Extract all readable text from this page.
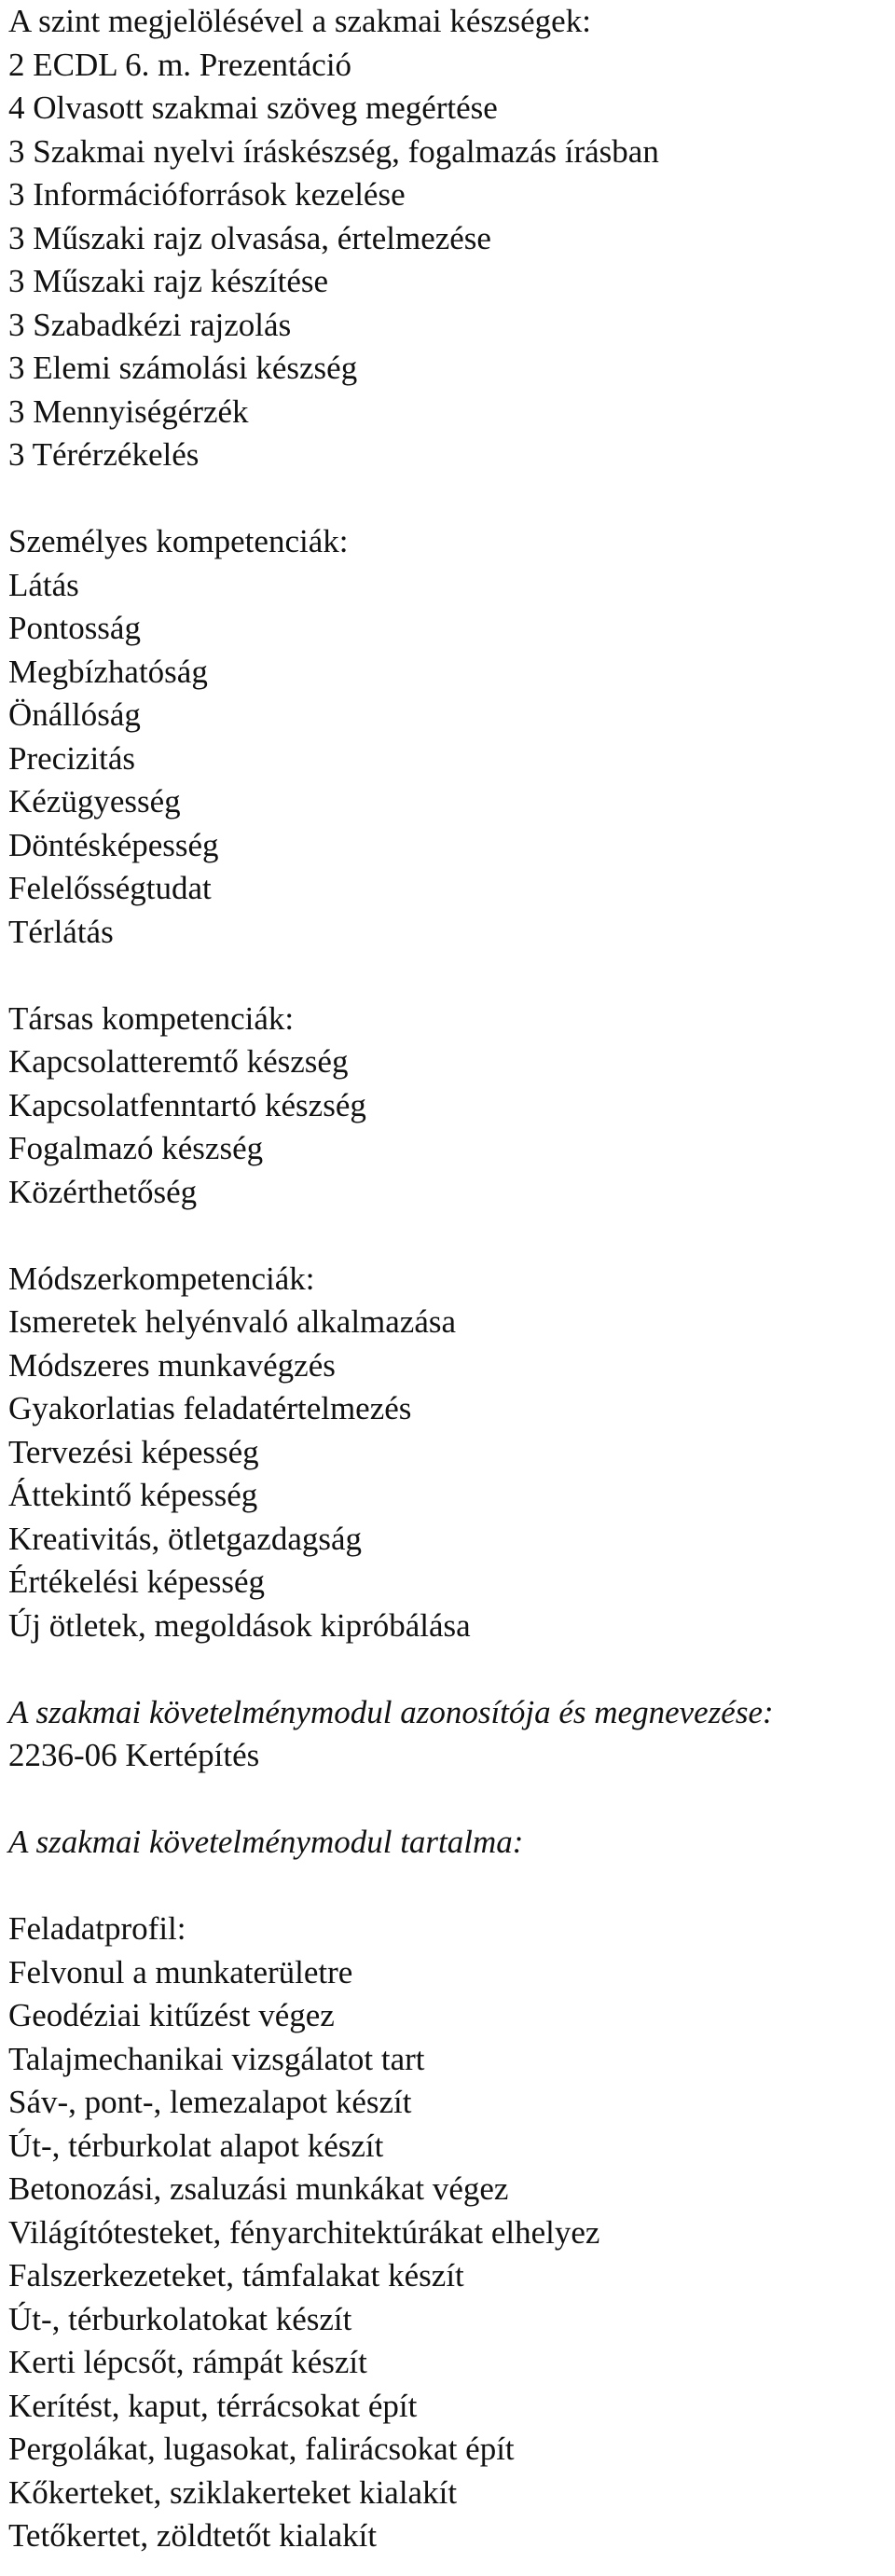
A szint megjelölésével a szakmai készségek:
2 ECDL 6. m. Prezentáció
4 Olvasott szakmai szöveg megértése
3 Szakmai nyelvi íráskészség, fogalmazás írásban
3 Információforrások kezelése
3 Műszaki rajz olvasása, értelmezése
3 Műszaki rajz készítése
3 Szabadkézi rajzolás
3 Elemi számolási készség
3 Mennyiségérzék
3 Térérzékelés
Személyes kompetenciák:
Látás
Pontosság
Megbízhatóság
Önállóság
Precizitás
Kézügyesség
Döntésképesség
Felelősségtudat
Térlátás
Társas kompetenciák:
Kapcsolatteremtő készség
Kapcsolatfenntartó készség
Fogalmazó készség
Közérthetőség
Módszerkompetenciák:
Ismeretek helyénvaló alkalmazása
Módszeres munkavégzés
Gyakorlatias feladatértelmezés
Tervezési képesség
Áttekintő képesség
Kreativitás, ötletgazdagság
Értékelési képesség
Új ötletek, megoldások kipróbálása
A szakmai követelménymodul azonosítója és megnevezése:
2236-06 Kertépítés
A szakmai követelménymodul tartalma:
Feladatprofil:
Felvonul a munkaterületre
Geodéziai kitűzést végez
Talajmechanikai vizsgálatot tart
Sáv-, pont-, lemezalapot készít
Út-, térburkolat alapot készít
Betonozási, zsaluzási munkákat végez
Világítótesteket, fényarchitektúrákat elhelyez
Falszerkezeteket, támfalakat készít
Út-, térburkolatokat készít
Kerti lépcsőt, rámpát készít
Kerítést, kaput, térrácsokat épít
Pergolákat, lugasokat, falirácsokat épít
Kőkerteket, sziklakerteket kialakít
Tetőkertet, zöldtetőt kialakít
